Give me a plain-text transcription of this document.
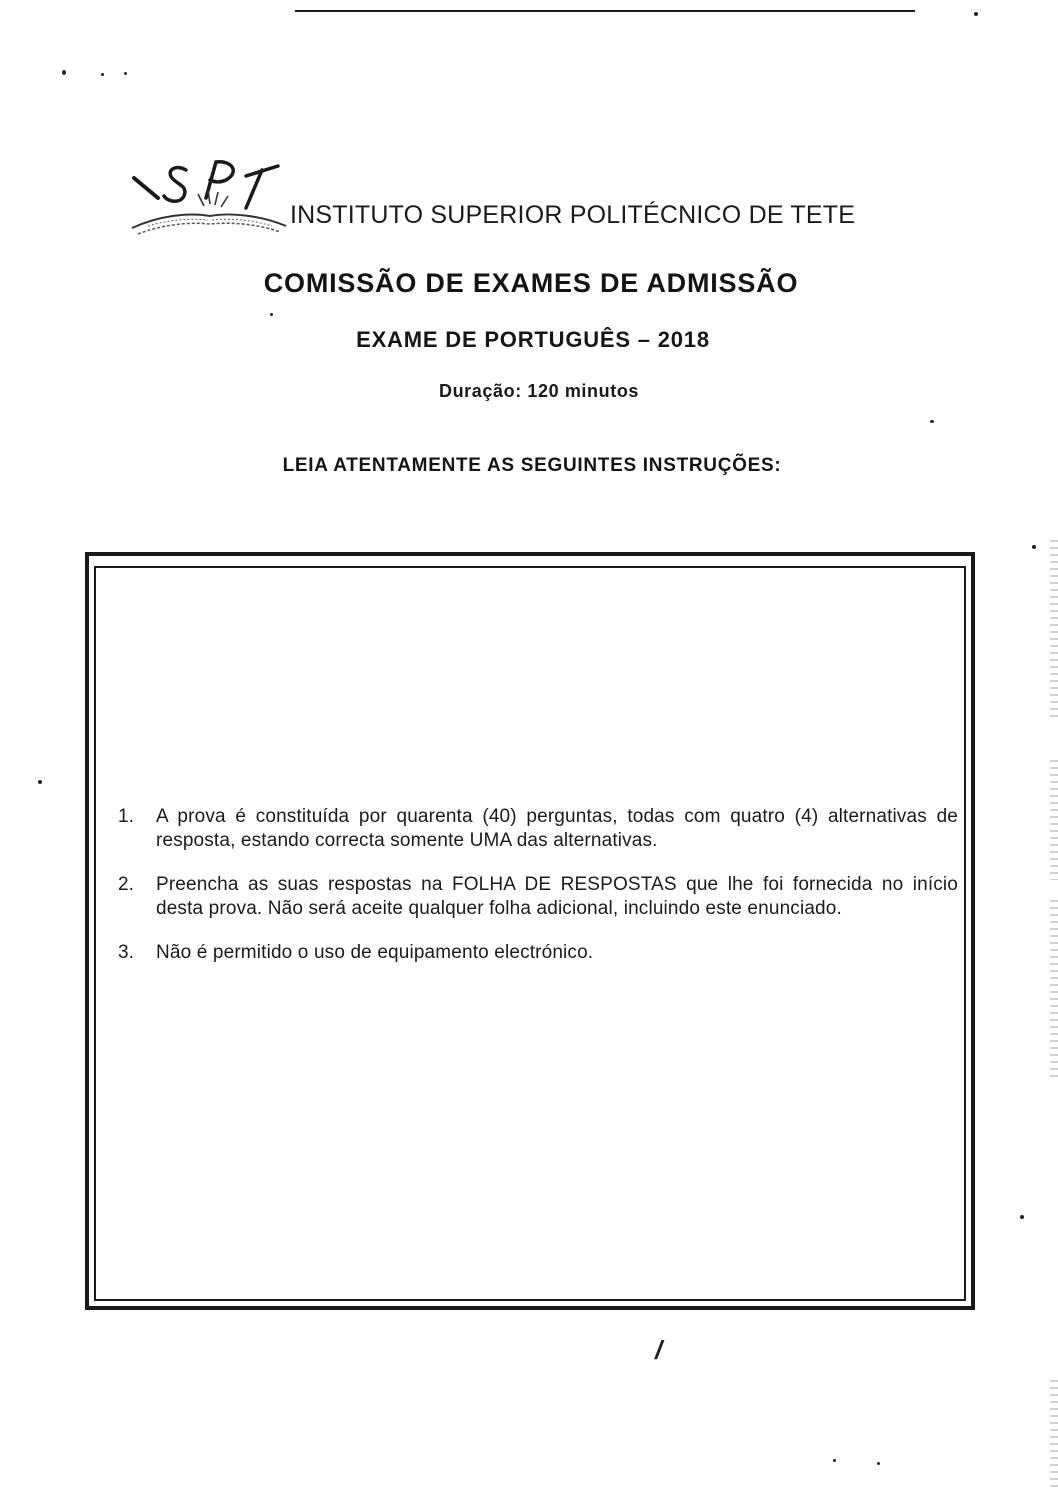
INSTITUTO SUPERIOR POLITÉCNICO DE TETE
COMISSÃO DE EXAMES DE ADMISSÃO
EXAME DE PORTUGUÊS – 2018
Duração: 120 minutos
LEIA ATENTAMENTE AS SEGUINTES INSTRUÇÕES:
1.	A prova é constituída por quarenta (40) perguntas, todas com quatro (4) alternativas de resposta, estando correcta somente UMA das alternativas.
2.	Preencha as suas respostas na FOLHA DE RESPOSTAS que lhe foi fornecida no início desta prova. Não será aceite qualquer folha adicional, incluindo este enunciado.
3.	Não é permitido o uso de equipamento electrónico.
/
